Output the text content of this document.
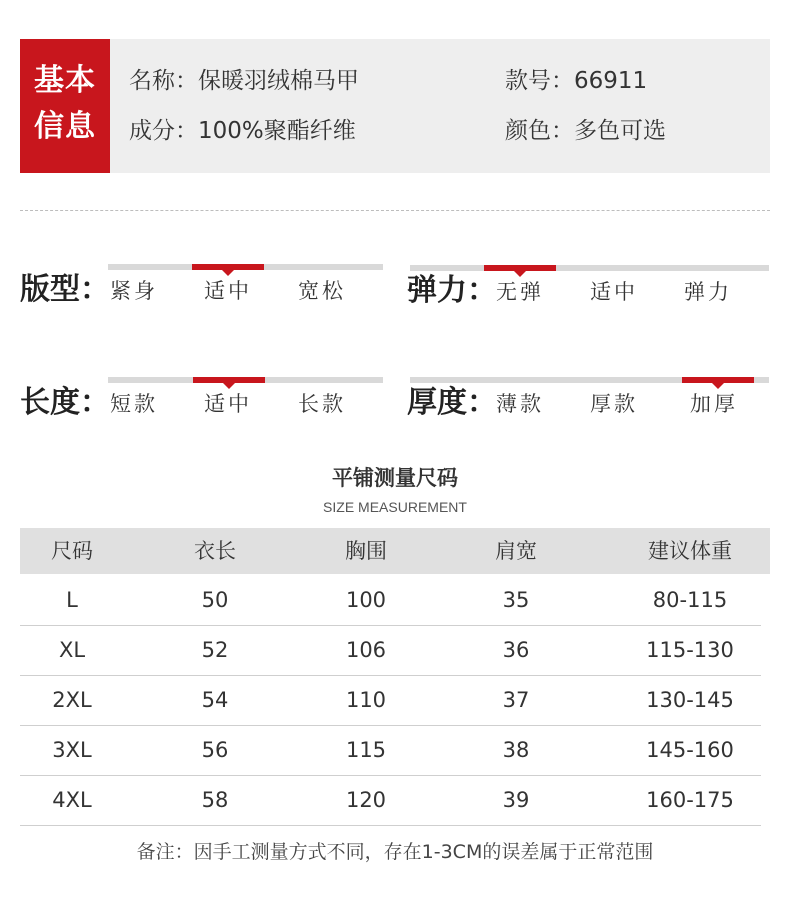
基本
信息
名称：保暖羽绒棉马甲	款号：66911
成分：100%聚酯纤维	颜色：多色可选
版型： 紧身 适中 宽松 弹力： 无弹 适中 弹力
长度： 短款 适中 长款 厚度： 薄款 厚款 加厚
平铺测量尺码
SIZE MEASUREMENT
尺码	衣长	胸围	肩宽	建议体重
L	50	100	35	80-115
XL	52	106	36	115-130
2XL	54	110	37	130-145
3XL	56	115	38	145-160
4XL	58	120	39	160-175
备注：因手工测量方式不同，存在1-3CM的误差属于正常范围
